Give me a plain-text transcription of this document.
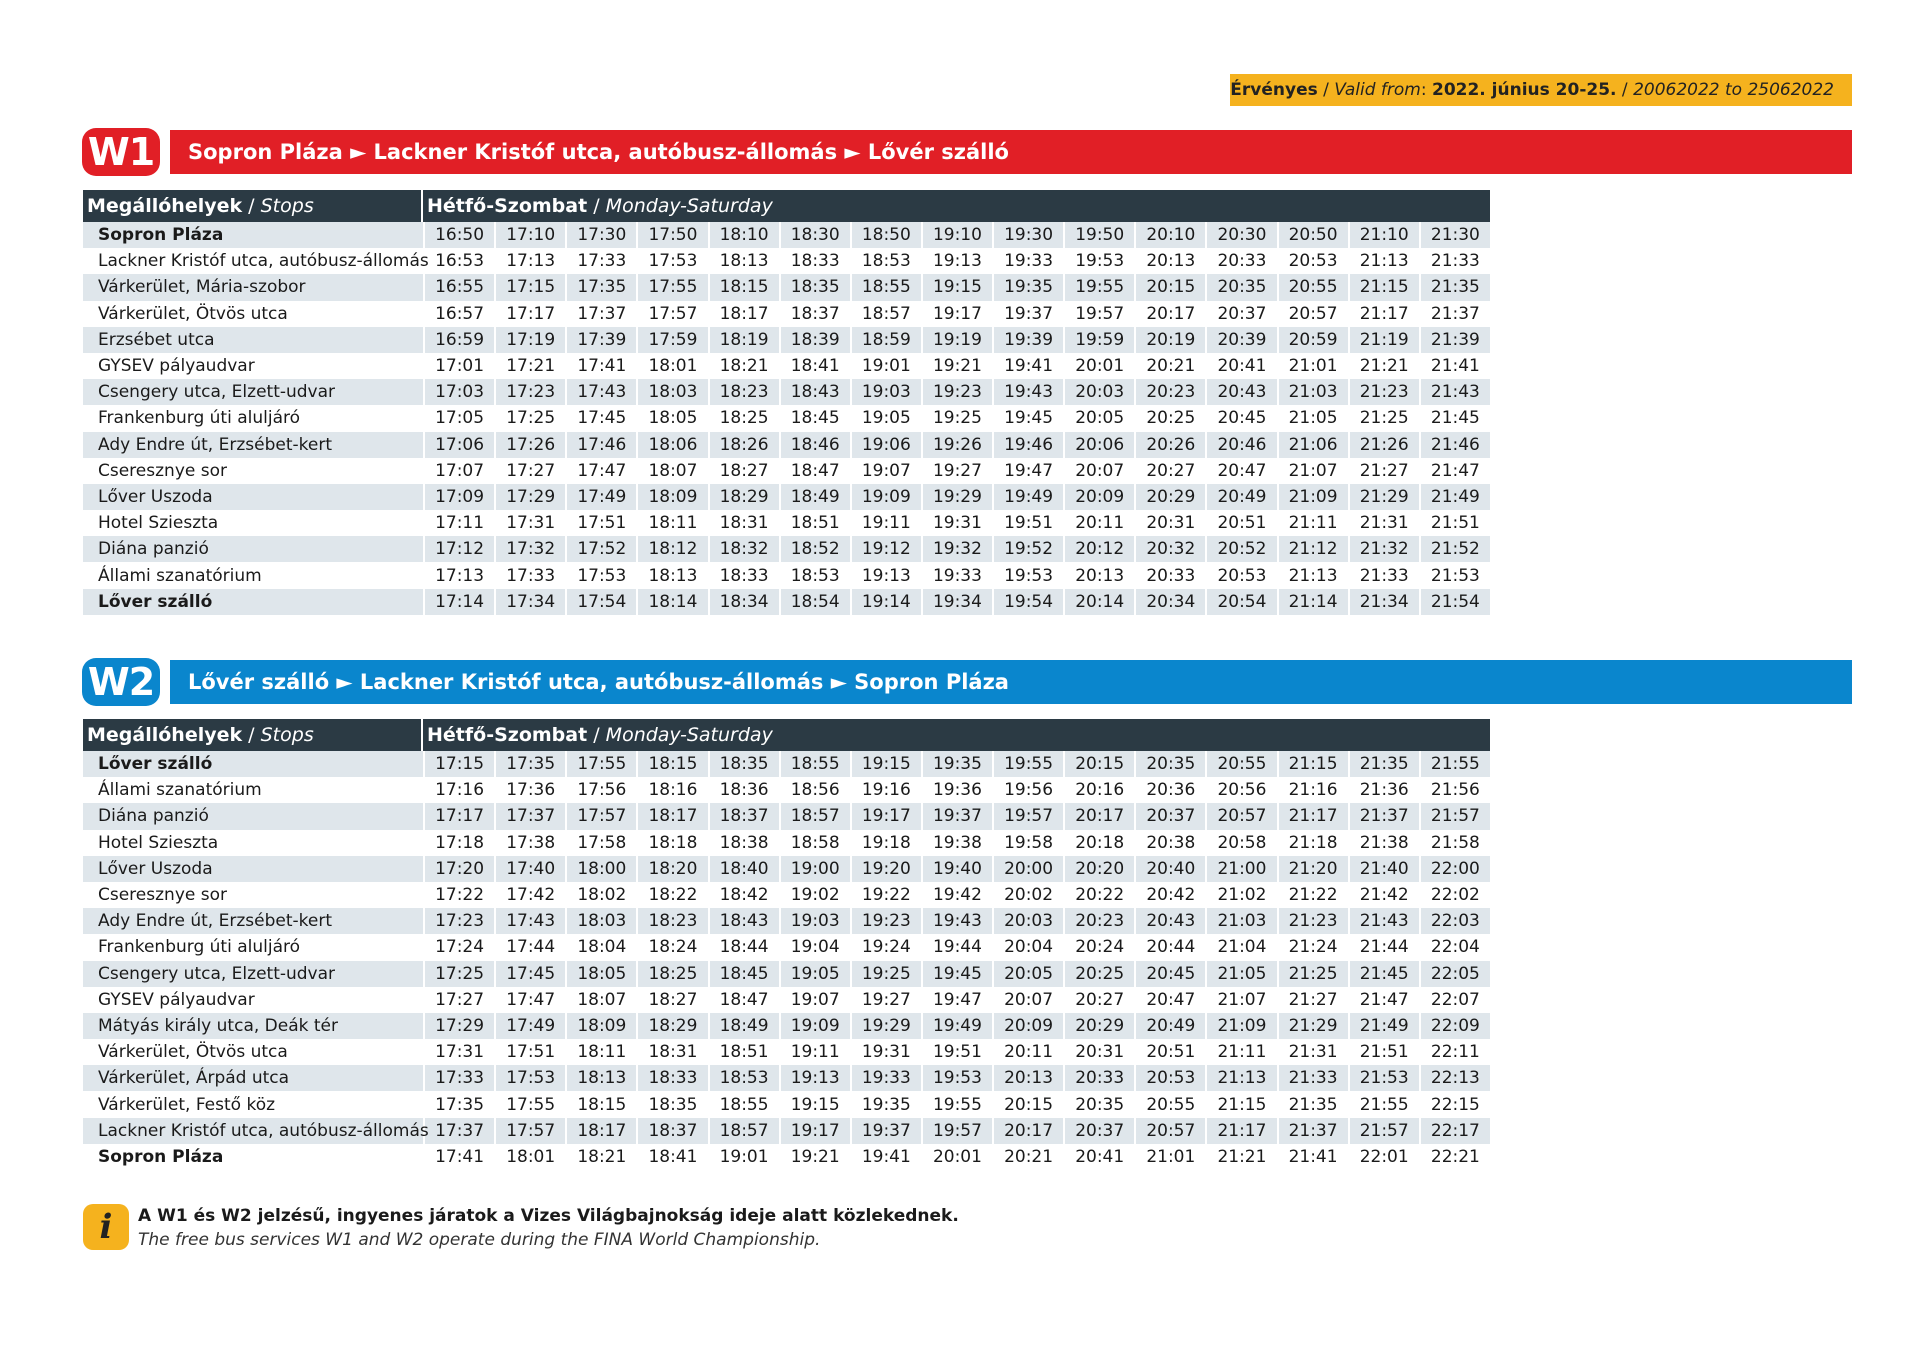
Érvényes / Valid from: 2022. június 20-25. / 20062022 to 25062022
W1	Sopron Pláza ► Lackner Kristóf utca, autóbusz-állomás ► Lővér szálló
Megállóhelyek / Stops	Hétfő-Szombat / Monday-Saturday														
Sopron Pláza	16:50	17:10	17:30	17:50	18:10	18:30	18:50	19:10	19:30	19:50	20:10	20:30	20:50	21:10	21:30
Lackner Kristóf utca, autóbusz-állomás	16:53	17:13	17:33	17:53	18:13	18:33	18:53	19:13	19:33	19:53	20:13	20:33	20:53	21:13	21:33
Várkerület, Mária-szobor	16:55	17:15	17:35	17:55	18:15	18:35	18:55	19:15	19:35	19:55	20:15	20:35	20:55	21:15	21:35
Várkerület, Ötvös utca	16:57	17:17	17:37	17:57	18:17	18:37	18:57	19:17	19:37	19:57	20:17	20:37	20:57	21:17	21:37
Erzsébet utca	16:59	17:19	17:39	17:59	18:19	18:39	18:59	19:19	19:39	19:59	20:19	20:39	20:59	21:19	21:39
GYSEV pályaudvar	17:01	17:21	17:41	18:01	18:21	18:41	19:01	19:21	19:41	20:01	20:21	20:41	21:01	21:21	21:41
Csengery utca, Elzett-udvar	17:03	17:23	17:43	18:03	18:23	18:43	19:03	19:23	19:43	20:03	20:23	20:43	21:03	21:23	21:43
Frankenburg úti aluljáró	17:05	17:25	17:45	18:05	18:25	18:45	19:05	19:25	19:45	20:05	20:25	20:45	21:05	21:25	21:45
Ady Endre út, Erzsébet-kert	17:06	17:26	17:46	18:06	18:26	18:46	19:06	19:26	19:46	20:06	20:26	20:46	21:06	21:26	21:46
Cseresznye sor	17:07	17:27	17:47	18:07	18:27	18:47	19:07	19:27	19:47	20:07	20:27	20:47	21:07	21:27	21:47
Lőver Uszoda	17:09	17:29	17:49	18:09	18:29	18:49	19:09	19:29	19:49	20:09	20:29	20:49	21:09	21:29	21:49
Hotel Szieszta	17:11	17:31	17:51	18:11	18:31	18:51	19:11	19:31	19:51	20:11	20:31	20:51	21:11	21:31	21:51
Diána panzió	17:12	17:32	17:52	18:12	18:32	18:52	19:12	19:32	19:52	20:12	20:32	20:52	21:12	21:32	21:52
Állami szanatórium	17:13	17:33	17:53	18:13	18:33	18:53	19:13	19:33	19:53	20:13	20:33	20:53	21:13	21:33	21:53
Lőver szálló	17:14	17:34	17:54	18:14	18:34	18:54	19:14	19:34	19:54	20:14	20:34	20:54	21:14	21:34	21:54
W2	Lővér szálló ► Lackner Kristóf utca, autóbusz-állomás ► Sopron Pláza
Megállóhelyek / Stops	Hétfő-Szombat / Monday-Saturday														
Lőver szálló	17:15	17:35	17:55	18:15	18:35	18:55	19:15	19:35	19:55	20:15	20:35	20:55	21:15	21:35	21:55
Állami szanatórium	17:16	17:36	17:56	18:16	18:36	18:56	19:16	19:36	19:56	20:16	20:36	20:56	21:16	21:36	21:56
Diána panzió	17:17	17:37	17:57	18:17	18:37	18:57	19:17	19:37	19:57	20:17	20:37	20:57	21:17	21:37	21:57
Hotel Szieszta	17:18	17:38	17:58	18:18	18:38	18:58	19:18	19:38	19:58	20:18	20:38	20:58	21:18	21:38	21:58
Lőver Uszoda	17:20	17:40	18:00	18:20	18:40	19:00	19:20	19:40	20:00	20:20	20:40	21:00	21:20	21:40	22:00
Cseresznye sor	17:22	17:42	18:02	18:22	18:42	19:02	19:22	19:42	20:02	20:22	20:42	21:02	21:22	21:42	22:02
Ady Endre út, Erzsébet-kert	17:23	17:43	18:03	18:23	18:43	19:03	19:23	19:43	20:03	20:23	20:43	21:03	21:23	21:43	22:03
Frankenburg úti aluljáró	17:24	17:44	18:04	18:24	18:44	19:04	19:24	19:44	20:04	20:24	20:44	21:04	21:24	21:44	22:04
Csengery utca, Elzett-udvar	17:25	17:45	18:05	18:25	18:45	19:05	19:25	19:45	20:05	20:25	20:45	21:05	21:25	21:45	22:05
GYSEV pályaudvar	17:27	17:47	18:07	18:27	18:47	19:07	19:27	19:47	20:07	20:27	20:47	21:07	21:27	21:47	22:07
Mátyás király utca, Deák tér	17:29	17:49	18:09	18:29	18:49	19:09	19:29	19:49	20:09	20:29	20:49	21:09	21:29	21:49	22:09
Várkerület, Ötvös utca	17:31	17:51	18:11	18:31	18:51	19:11	19:31	19:51	20:11	20:31	20:51	21:11	21:31	21:51	22:11
Várkerület, Árpád utca	17:33	17:53	18:13	18:33	18:53	19:13	19:33	19:53	20:13	20:33	20:53	21:13	21:33	21:53	22:13
Várkerület, Festő köz	17:35	17:55	18:15	18:35	18:55	19:15	19:35	19:55	20:15	20:35	20:55	21:15	21:35	21:55	22:15
Lackner Kristóf utca, autóbusz-állomás	17:37	17:57	18:17	18:37	18:57	19:17	19:37	19:57	20:17	20:37	20:57	21:17	21:37	21:57	22:17
Sopron Pláza	17:41	18:01	18:21	18:41	19:01	19:21	19:41	20:01	20:21	20:41	21:01	21:21	21:41	22:01	22:21
i	A W1 és W2 jelzésű, ingyenes járatok a Vizes Világbajnokság ideje alatt közlekednek.
The free bus services W1 and W2 operate during the FINA World Championship.
